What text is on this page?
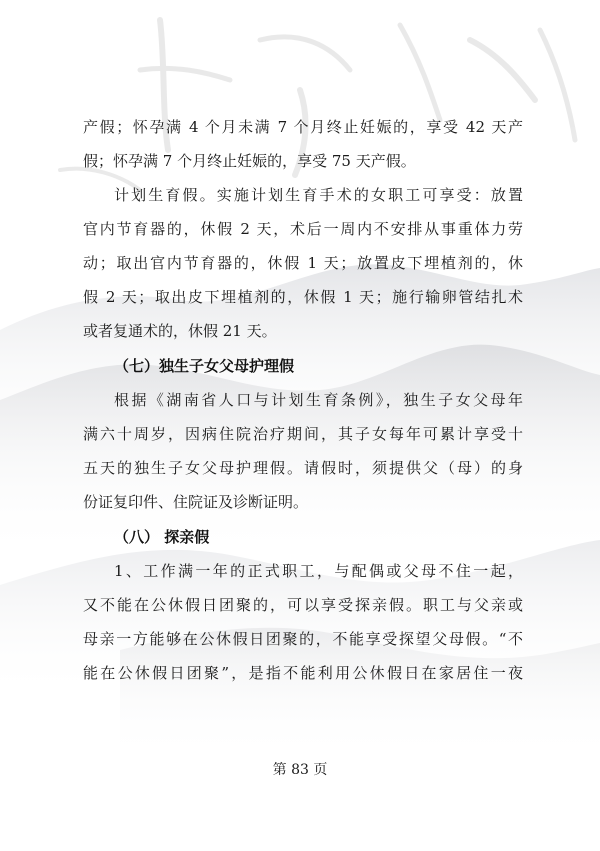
产假；怀孕满 4 个月未满 7 个月终止妊娠的，享受 42 天产
假；怀孕满 7 个月终止妊娠的，享受 75 天产假。
计划生育假。实施计划生育手术的女职工可享受：放置
官内节育器的，休假 2 天，术后一周内不安排从事重体力劳
动；取出官内节育器的，休假 1 天；放置皮下埋植剂的，休
假 2 天；取出皮下埋植剂的，休假 1 天；施行输卵管结扎术
或者复通术的，休假 21 天。
（七）独生子女父母护理假
根据《湖南省人口与计划生育条例》，独生子女父母年
满六十周岁，因病住院治疗期间，其子女每年可累计享受十
五天的独生子女父母护理假。请假时，须提供父（母）的身
份证复印件、住院证及诊断证明。
（八） 探亲假
1、工作满一年的正式职工，与配偶或父母不住一起，
又不能在公休假日团聚的，可以享受探亲假。职工与父亲或
母亲一方能够在公休假日团聚的，不能享受探望父母假。“不
能在公休假日团聚”，是指不能利用公休假日在家居住一夜
第 83 页
